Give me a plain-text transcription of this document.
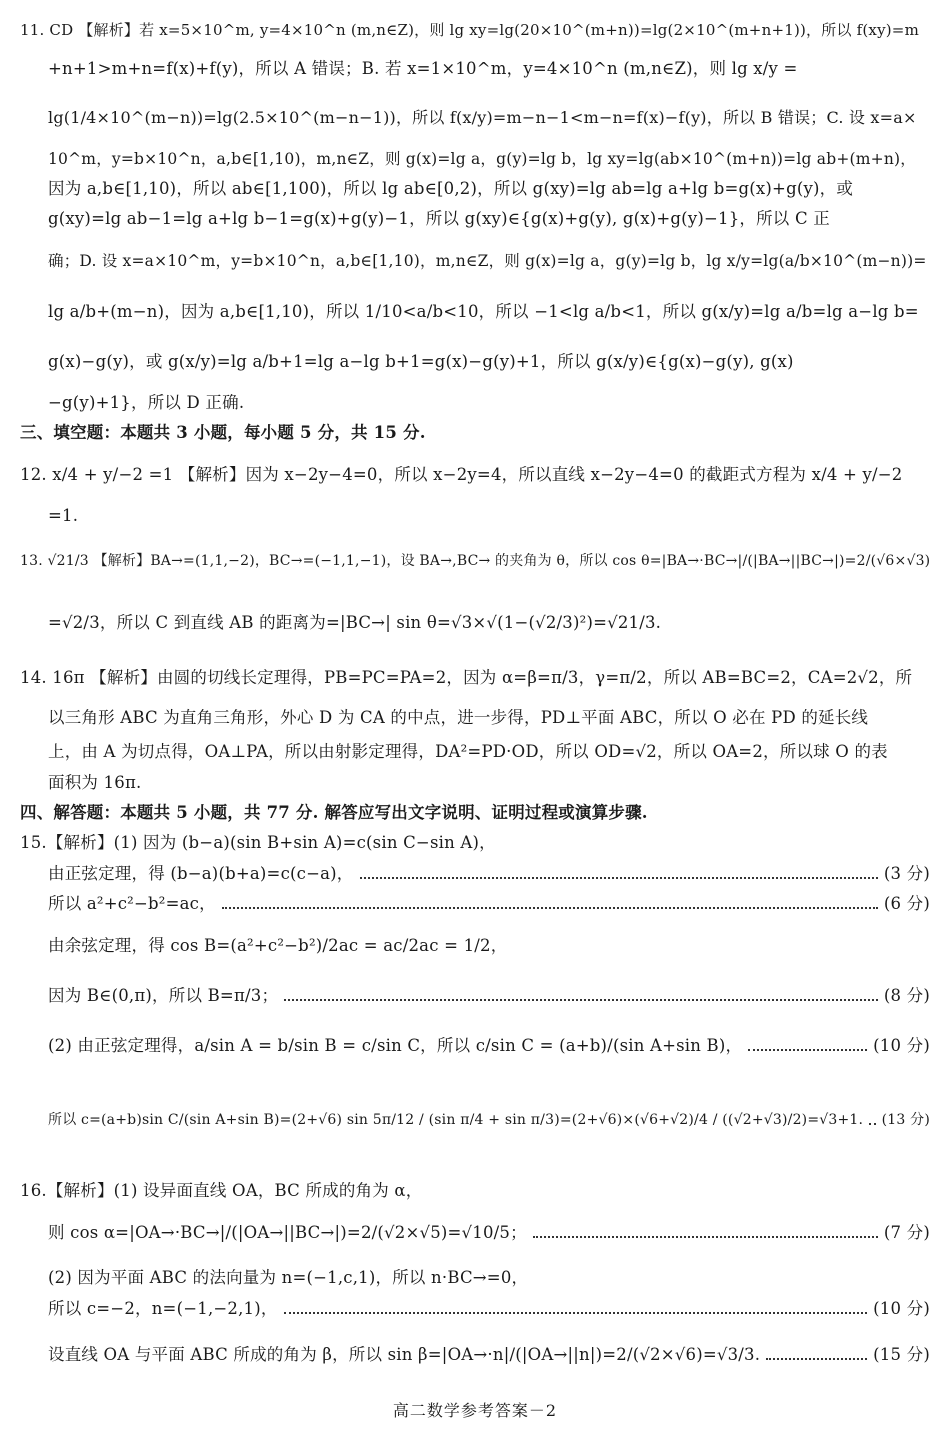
11. CD 【解析】若 x=5×10^m, y=4×10^n (m,n∈Z)，则 lg xy=lg(20×10^(m+n))=lg(2×10^(m+n+1))，所以 f(xy)=m
+n+1>m+n=f(x)+f(y)，所以 A 错误；B. 若 x=1×10^m，y=4×10^n (m,n∈Z)，则 lg x/y =
lg(1/4×10^(m−n))=lg(2.5×10^(m−n−1))，所以 f(x/y)=m−n−1<m−n=f(x)−f(y)，所以 B 错误；C. 设 x=a×
10^m，y=b×10^n，a,b∈[1,10)，m,n∈Z，则 g(x)=lg a，g(y)=lg b，lg xy=lg(ab×10^(m+n))=lg ab+(m+n)，
因为 a,b∈[1,10)，所以 ab∈[1,100)，所以 lg ab∈[0,2)，所以 g(xy)=lg ab=lg a+lg b=g(x)+g(y)，或
g(xy)=lg ab−1=lg a+lg b−1=g(x)+g(y)−1，所以 g(xy)∈{g(x)+g(y), g(x)+g(y)−1}，所以 C 正
确；D. 设 x=a×10^m，y=b×10^n，a,b∈[1,10)，m,n∈Z，则 g(x)=lg a，g(y)=lg b，lg x/y=lg(a/b×10^(m−n))=
lg a/b+(m−n)，因为 a,b∈[1,10)，所以 1/10<a/b<10，所以 −1<lg a/b<1，所以 g(x/y)=lg a/b=lg a−lg b=
g(x)−g(y)，或 g(x/y)=lg a/b+1=lg a−lg b+1=g(x)−g(y)+1，所以 g(x/y)∈{g(x)−g(y), g(x)
−g(y)+1}，所以 D 正确.
三、填空题：本题共 3 小题，每小题 5 分，共 15 分.
12. x/4 + y/−2 =1 【解析】因为 x−2y−4=0，所以 x−2y=4，所以直线 x−2y−4=0 的截距式方程为 x/4 + y/−2
=1.
13. √21/3 【解析】BA→=(1,1,−2)，BC→=(−1,1,−1)，设 BA→,BC→ 的夹角为 θ，所以 cos θ=|BA→·BC→|/(|BA→||BC→|)=2/(√6×√3)
=√2/3，所以 C 到直线 AB 的距离为=|BC→| sin θ=√3×√(1−(√2/3)²)=√21/3.
14. 16π 【解析】由圆的切线长定理得，PB=PC=PA=2，因为 α=β=π/3，γ=π/2，所以 AB=BC=2，CA=2√2，所
以三角形 ABC 为直角三角形，外心 D 为 CA 的中点，进一步得，PD⊥平面 ABC，所以 O 必在 PD 的延长线
上，由 A 为切点得，OA⊥PA，所以由射影定理得，DA²=PD·OD，所以 OD=√2，所以 OA=2，所以球 O 的表
面积为 16π.
四、解答题：本题共 5 小题，共 77 分. 解答应写出文字说明、证明过程或演算步骤.
15.【解析】(1) 因为 (b−a)(sin B+sin A)=c(sin C−sin A)，
由正弦定理，得 (b−a)(b+a)=c(c−a)，	(3 分)
所以 a²+c²−b²=ac，	(6 分)
由余弦定理，得 cos B=(a²+c²−b²)/2ac = ac/2ac = 1/2，
因为 B∈(0,π)，所以 B=π/3；	(8 分)
(2) 由正弦定理得，a/sin A = b/sin B = c/sin C，所以 c/sin C = (a+b)/(sin A+sin B)，	(10 分)
所以 c=(a+b)sin C/(sin A+sin B)=(2+√6) sin 5π/12 / (sin π/4 + sin π/3)=(2+√6)×(√6+√2)/4 / ((√2+√3)/2)=√3+1. (13 分)
16.【解析】(1) 设异面直线 OA，BC 所成的角为 α，
则 cos α=|OA→·BC→|/(|OA→||BC→|)=2/(√2×√5)=√10/5；	(7 分)
(2) 因为平面 ABC 的法向量为 n=(−1,c,1)，所以 n·BC→=0，
所以 c=−2，n=(−1,−2,1)，	(10 分)
设直线 OA 与平面 ABC 所成的角为 β，所以 sin β=|OA→·n|/(|OA→||n|)=2/(√2×√6)=√3/3.	(15 分)
高二数学参考答案－2
